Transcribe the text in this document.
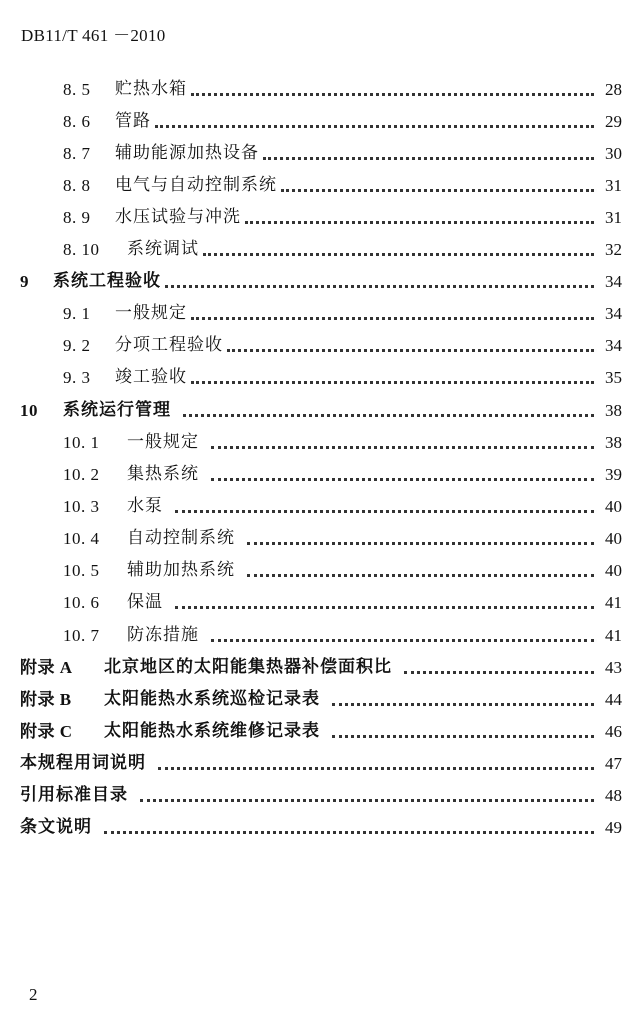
DB11/T 461 －2010
8. 5	贮热水箱	28
8. 6	管路	29
8. 7	辅助能源加热设备	30
8. 8	电气与自动控制系统	31
8. 9	水压试验与冲洗	31
8. 10	系统调试	32
9	系统工程验收	34
9. 1	一般规定	34
9. 2	分项工程验收	34
9. 3	竣工验收	35
10	系统运行管理	38
10. 1	一般规定	38
10. 2	集热系统	39
10. 3	水泵	40
10. 4	自动控制系统	40
10. 5	辅助加热系统	40
10. 6	保温	41
10. 7	防冻措施	41
附录 A	北京地区的太阳能集热器补偿面积比	43
附录 B	太阳能热水系统巡检记录表	44
附录 C	太阳能热水系统维修记录表	46
本规程用词说明	47
引用标准目录	48
条文说明	49
2
